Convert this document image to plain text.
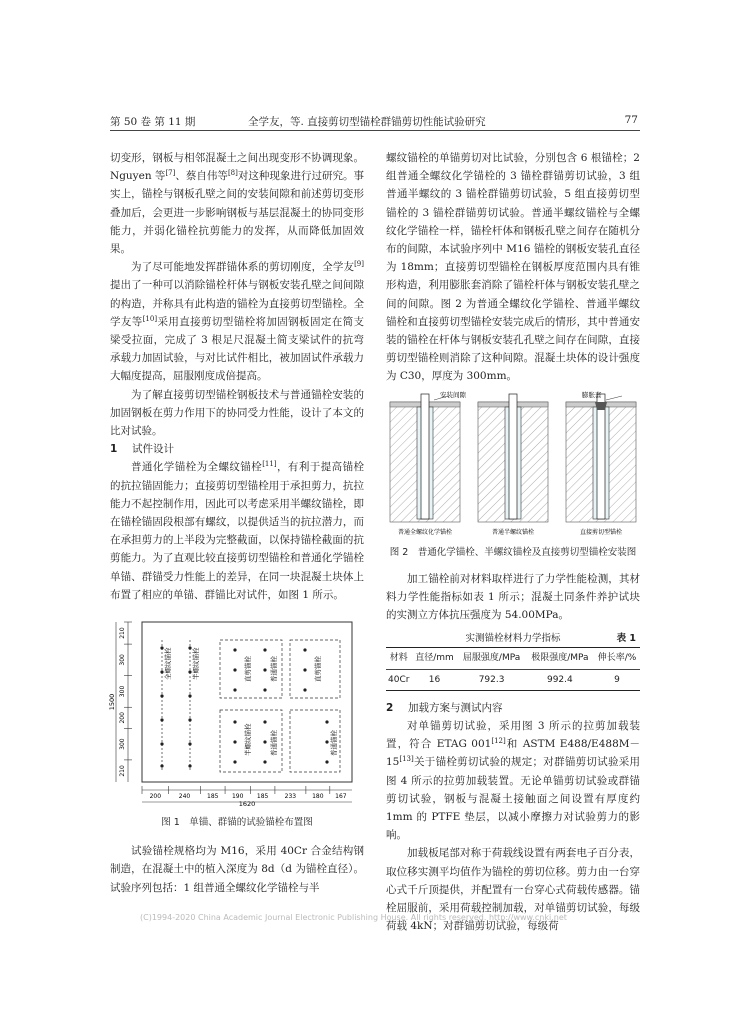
第 50 卷 第 11 期	全学友，等. 直接剪切型锚栓群锚剪切性能试验研究	77

切变形，钢板与相邻混凝土之间出现变形不协调现象。Nguyen 等[7]、蔡自伟等[8]对这种现象进行过研究。事实上，锚栓与钢板孔壁之间的安装间隙和前述剪切变形叠加后，会更进一步影响钢板与基层混凝土的协同变形能力，并弱化锚栓抗剪能力的发挥，从而降低加固效果。

为了尽可能地发挥群锚体系的剪切刚度，全学友[9]提出了一种可以消除锚栓杆体与钢板安装孔壁之间间隙的构造，并称具有此构造的锚栓为直接剪切型锚栓。全学友等[10]采用直接剪切型锚栓将加固钢板固定在简支梁受拉面，完成了 3 根足尺混凝土简支梁试件的抗弯承载力加固试验，与对比试件相比，被加固试件承载力大幅度提高，屈服刚度成倍提高。

为了解直接剪切型锚栓钢板技术与普通锚栓安装的加固钢板在剪力作用下的协同受力性能，设计了本文的比对试验。

1 试件设计

普通化学锚栓为全螺纹锚栓[11]，有利于提高锚栓的抗拉锚固能力；直接剪切型锚栓用于承担剪力，抗拉能力不起控制作用，因此可以考虑采用半螺纹锚栓，即在锚栓锚固段根部有螺纹，以提供适当的抗拉潜力，而在承担剪力的上半段为完整截面，以保持锚栓截面的抗剪能力。为了直观比较直接剪切型锚栓和普通化学锚栓单锚、群锚受力性能上的差异，在同一块混凝土块体上布置了相应的单锚、群锚比对试件，如图 1 所示。

210
300
300
200
300
210
1500
200	240	185 190 185	233	180 167
1620
全螺纹锚栓	半螺纹锚栓	直剪锚栓	普通锚栓
半螺纹锚栓	普通锚栓
直剪锚栓
普通锚栓
图 1　单锚、群锚的试验锚栓布置图

试验锚栓规格均为 M16，采用 40Cr 合金结构钢制造，在混凝土中的植入深度为 8d（d 为锚栓直径）。试验序列包括：1 组普通全螺纹化学锚栓与半

螺纹锚栓的单锚剪切对比试验，分别包含 6 根锚栓；2 组普通全螺纹化学锚栓的 3 锚栓群锚剪切试验，3 组普通半螺纹的 3 锚栓群锚剪切试验，5 组直接剪切型锚栓的 3 锚栓群锚剪切试验。普通半螺纹锚栓与全螺纹化学锚栓一样，锚栓杆体和钢板孔壁之间存在随机分布的间隙，本试验序列中 M16 锚栓的钢板安装孔直径为 18mm；直接剪切型锚栓在钢板厚度范围内具有锥形构造，利用膨胀套消除了锚栓杆体与钢板安装孔壁之间的间隙。图 2 为普通全螺纹化学锚栓、普通半螺纹锚栓和直接剪切型锚栓安装完成后的情形，其中普通安装的锚栓在杆体与钢板安装孔孔壁之间存在间隙，直接剪切型锚栓则消除了这种间隙。混凝土块体的设计强度为 C30，厚度为 300mm。

安装间隙	膨胀套
普通全螺纹化学锚栓	普通半螺纹锚栓	直接剪切型锚栓
图 2　普通化学锚栓、半螺纹锚栓及直接剪切型锚栓安装图

加工锚栓前对材料取样进行了力学性能检测，其材料力学性能指标如表 1 所示；混凝土同条件养护试块的实测立方体抗压强度为 54.00MPa。

实测锚栓材料力学指标	表 1
材料	直径/mm	屈服强度/MPa	极限强度/MPa	伸长率/%
40Cr	16	792.3	992.4	9

2 加载方案与测试内容

对单锚剪切试验，采用图 3 所示的拉剪加载装置，符合 ETAG 001[12]和 ASTM E488/E488M－15[13]关于锚栓剪切试验的规定；对群锚剪切试验采用图 4 所示的拉剪加载装置。无论单锚剪切试验或群锚剪切试验，钢板与混凝土接触面之间设置有厚度约 1mm 的 PTFE 垫层，以减小摩擦力对试验剪力的影响。

加载板尾部对称于荷载线设置有两套电子百分表，取位移实测平均值作为锚栓的剪切位移。剪力由一台穿心式千斤顶提供，并配置有一台穿心式荷载传感器。锚栓屈服前，采用荷载控制加载，对单锚剪切试验，每级荷载 4kN；对群锚剪切试验，每级荷

(C)1994-2020 China Academic Journal Electronic Publishing House. All rights reserved. http://www.cnki.net
